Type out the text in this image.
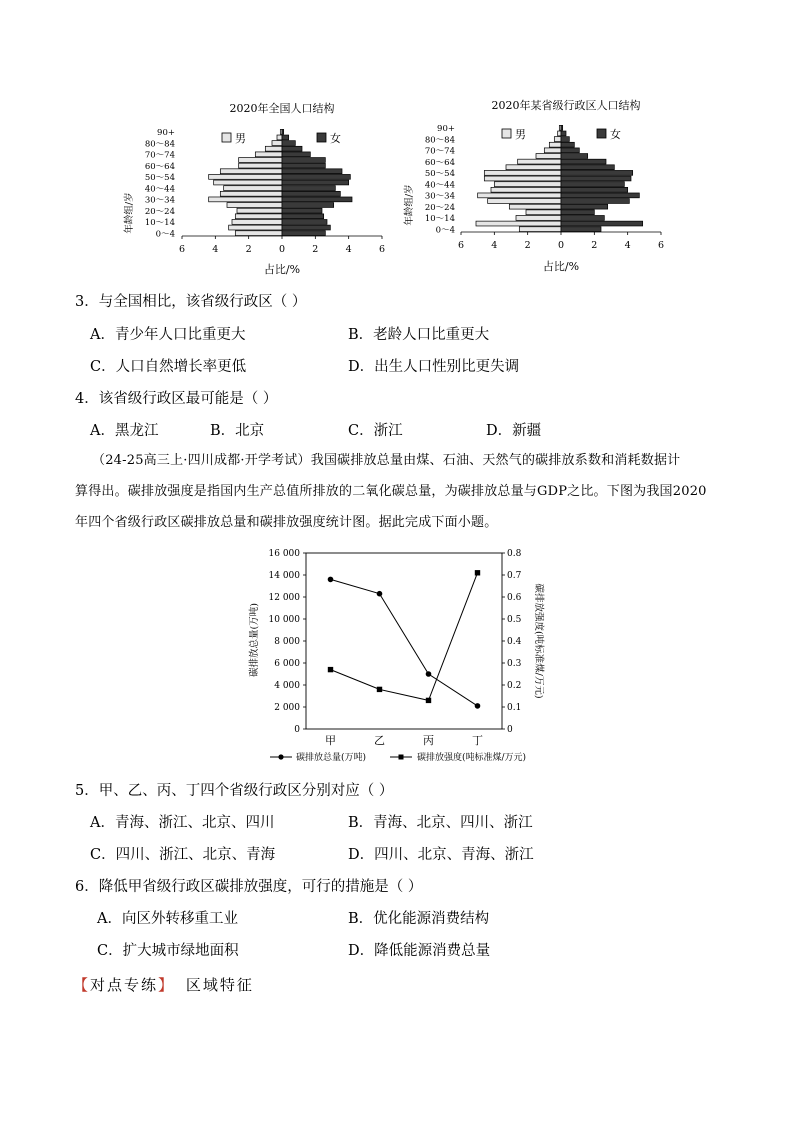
2020年全国人口结构
年龄组/岁
男	女
6	4	2	0	2	4	6
90+
80～84
70～74
60～64
50～54
40～44
30～34
20～24
10～14
0～4
占比/%
2020年某省级行政区人口结构
年龄组/岁
男	女
6	4	2	0	2	4	6
90+
80～84
70～74
60～64
50～54
40～44
30～34
20～24
10～14
0～4
占比/%
3．与全国相比，该省级行政区（ ）
A．青少年人口比重更大	B．老龄人口比重更大
C．人口自然增长率更低	D．出生人口性别比更失调
4．该省级行政区最可能是（ ）
A．黑龙江	B．北京	C．浙江	D．新疆
（24-25高三上·四川成都·开学考试）我国碳排放总量由煤、石油、天然气的碳排放系数和消耗数据计
算得出。碳排放强度是指国内生产总值所排放的二氧化碳总量，为碳排放总量与GDP之比。下图为我国2020
年四个省级行政区碳排放总量和碳排放强度统计图。据此完成下面小题。
碳排放总量(万吨)	碳排放强度(吨标准煤/万元)
0
2 000
4 000
6 000
8 000
10 000
12 000
14 000
16 000
0
0.1
0.2
0.3
0.4
0.5
0.6
0.7
0.8
甲	乙	丙	丁
碳排放总量(万吨)	碳排放强度(吨标准煤/万元)
5．甲、乙、丙、丁四个省级行政区分别对应（ ）
A．青海、浙江、北京、四川	B．青海、北京、四川、浙江
C．四川、浙江、北京、青海	D．四川、北京、青海、浙江
6．降低甲省级行政区碳排放强度，可行的措施是（ ）
A．向区外转移重工业	B．优化能源消费结构
C．扩大城市绿地面积	D．降低能源消费总量
【对点专练】 区域特征
